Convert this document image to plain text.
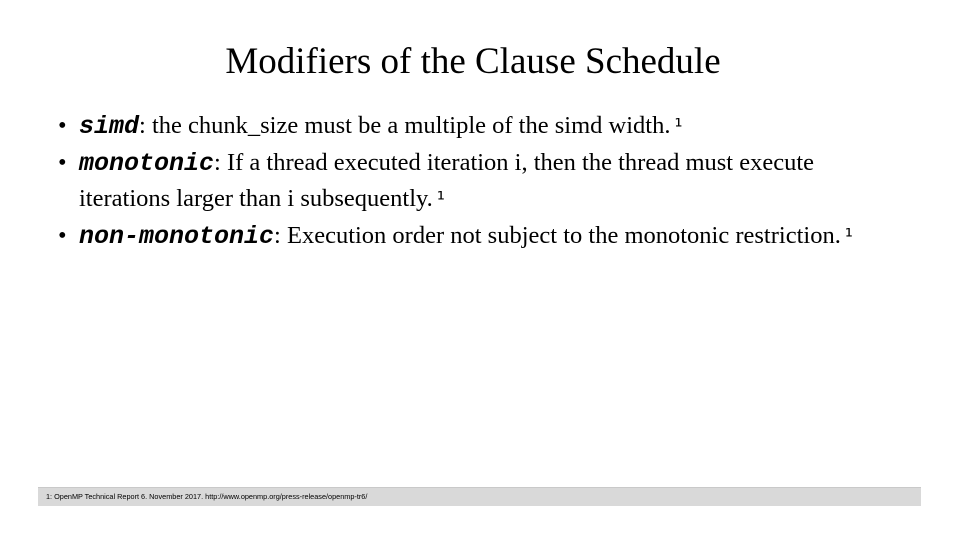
Modifiers of the Clause Schedule
• simd: the chunk_size must be a multiple of the simd width. ¹
• monotonic: If a thread executed iteration i, then the thread must execute iterations larger than i subsequently. ¹
• non-monotonic: Execution order not subject to the monotonic restriction. ¹
1: OpenMP Technical Report 6. November 2017. http://www.openmp.org/press-release/openmp-tr6/
